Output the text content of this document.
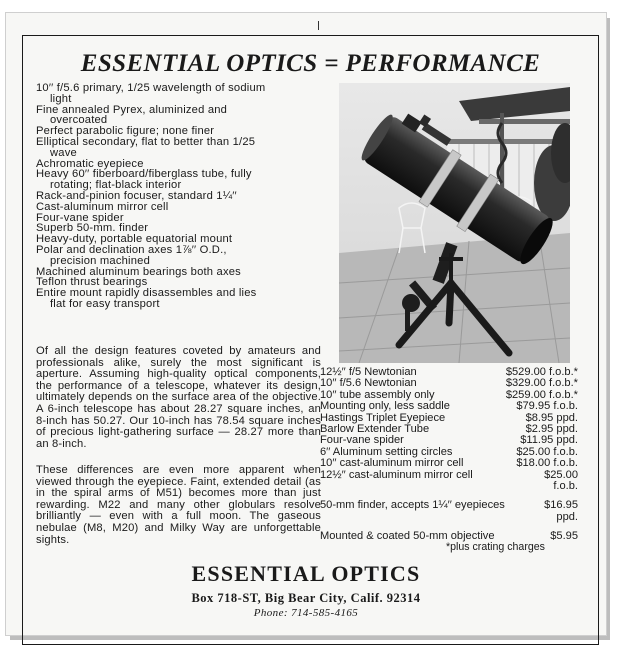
ESSENTIAL OPTICS = PERFORMANCE
10′′ f/5.6 primary, 1/25 wavelength of sodium
light
Fine annealed Pyrex, aluminized and
overcoated
Perfect parabolic figure; none finer
Elliptical secondary, flat to better than 1/25
wave
Achromatic eyepiece
Heavy 60′′ fiberboard/fiberglass tube, fully
rotating; flat-black interior
Rack-and-pinion focuser, standard 1¼′′
Cast-aluminum mirror cell
Four-vane spider
Superb 50-mm. finder
Heavy-duty, portable equatorial mount
Polar and declination axes 1⅞′′ O.D.,
precision machined
Machined aluminum bearings both axes
Teflon thrust bearings
Entire mount rapidly disassembles and lies
flat for easy transport
Of all the design features coveted by amateurs and professionals alike, surely the most significant is aperture. Assuming high-quality optical components, the performance of a telescope, whatever its design, ultimately depends on the surface area of the objective. A 6-inch telescope has about 28.27 square inches, an 8-inch has 50.27. Our 10-inch has 78.54 square inches of precious light-gathering surface — 28.27 more than an 8-inch.
These differences are even more apparent when viewed through the eyepiece. Faint, extended detail (as in the spiral arms of M51) becomes more than just rewarding. M22 and many other globulars resolve brilliantly — even with a full moon. The gaseous nebulae (M8, M20) and Milky Way are unforgettable sights.
12½′′ f/5 Newtonian	$529.00 f.o.b.*
10′′ f/5.6 Newtonian	$329.00 f.o.b.*
10′′ tube assembly only	$259.00 f.o.b.*
Mounting only, less saddle	$79.95 f.o.b.
Hastings Triplet Eyepiece	$8.95 ppd.
Barlow Extender Tube	$2.95 ppd.
Four-vane spider	$11.95 ppd.
6′′ Aluminum setting circles	$25.00 f.o.b.
10′′ cast-aluminum mirror cell	$18.00 f.o.b.
12½′′ cast-aluminum mirror cell	$25.00
f.o.b.
50-mm finder, accepts 1¼′′ eyepieces	$16.95
ppd.
Mounted & coated 50-mm objective	$5.95
*plus crating charges
ESSENTIAL OPTICS
Box 718-ST, Big Bear City, Calif. 92314
Phone: 714-585-4165
